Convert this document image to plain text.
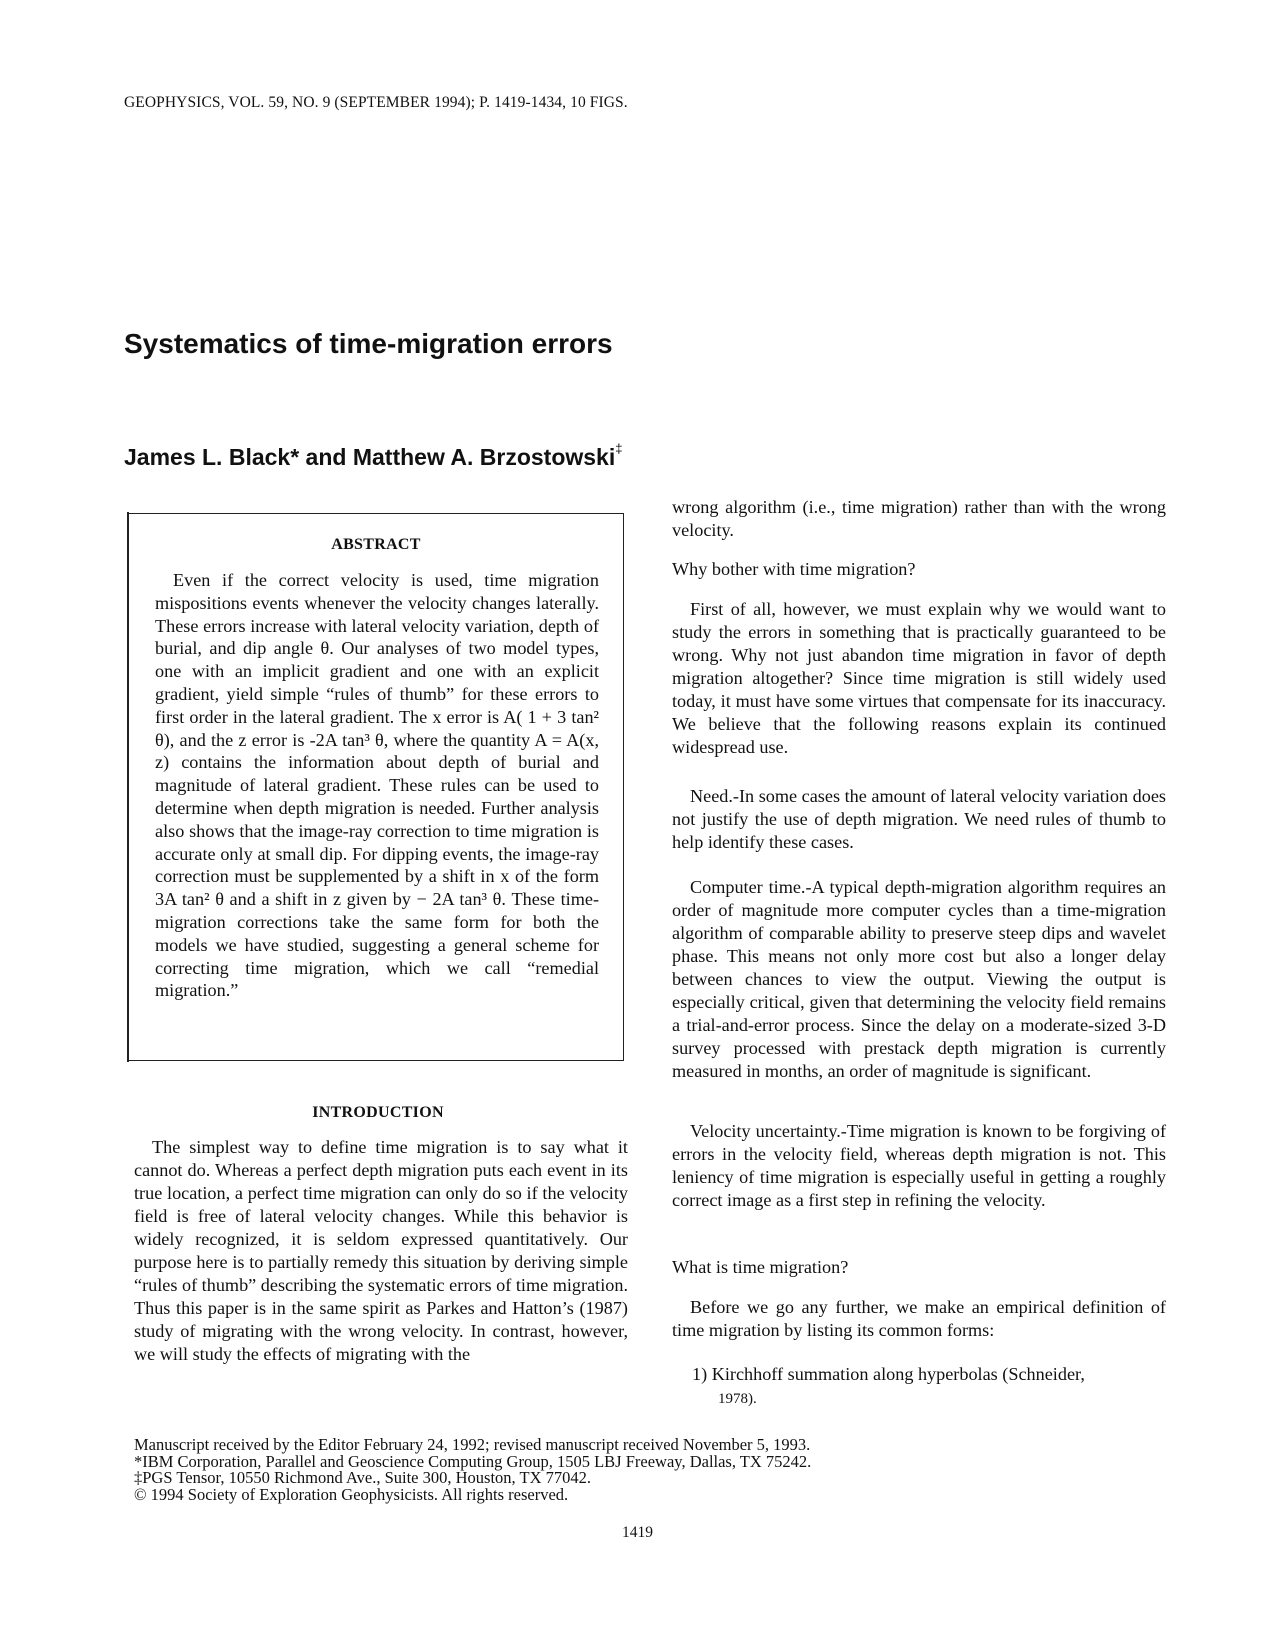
GEOPHYSICS, VOL. 59, NO. 9 (SEPTEMBER 1994); P. 1419-1434, 10 FIGS.
Systematics of time-migration errors
James L. Black* and Matthew A. Brzostowski‡
ABSTRACT

Even if the correct velocity is used, time migration mispositions events whenever the velocity changes laterally. These errors increase with lateral velocity variation, depth of burial, and dip angle θ. Our analyses of two model types, one with an implicit gradient and one with an explicit gradient, yield simple “rules of thumb” for these errors to first order in the lateral gradient. The x error is A( 1 + 3 tan² θ), and the z error is -2A tan³ θ, where the quantity A = A(x, z) contains the information about depth of burial and magnitude of lateral gradient. These rules can be used to determine when depth migration is needed. Further analysis also shows that the image-ray correction to time migration is accurate only at small dip. For dipping events, the image-ray correction must be supplemented by a shift in x of the form 3A tan² θ and a shift in z given by − 2A tan³ θ. These time-migration corrections take the same form for both the models we have studied, suggesting a general scheme for correcting time migration, which we call “remedial migration.”

INTRODUCTION

The simplest way to define time migration is to say what it cannot do. Whereas a perfect depth migration puts each event in its true location, a perfect time migration can only do so if the velocity field is free of lateral velocity changes. While this behavior is widely recognized, it is seldom expressed quantitatively. Our purpose here is to partially remedy this situation by deriving simple “rules of thumb” describing the systematic errors of time migration. Thus this paper is in the same spirit as Parkes and Hatton’s (1987) study of migrating with the wrong velocity. In contrast, however, we will study the effects of migrating with the

wrong algorithm (i.e., time migration) rather than with the wrong velocity.

Why bother with time migration?

First of all, however, we must explain why we would want to study the errors in something that is practically guaranteed to be wrong. Why not just abandon time migration in favor of depth migration altogether? Since time migration is still widely used today, it must have some virtues that compensate for its inaccuracy. We believe that the following reasons explain its continued widespread use.

Need.-In some cases the amount of lateral velocity variation does not justify the use of depth migration. We need rules of thumb to help identify these cases.

Computer time.-A typical depth-migration algorithm requires an order of magnitude more computer cycles than a time-migration algorithm of comparable ability to preserve steep dips and wavelet phase. This means not only more cost but also a longer delay between chances to view the output. Viewing the output is especially critical, given that determining the velocity field remains a trial-and-error process. Since the delay on a moderate-sized 3-D survey processed with prestack depth migration is currently measured in months, an order of magnitude is significant.

Velocity uncertainty.-Time migration is known to be forgiving of errors in the velocity field, whereas depth migration is not. This leniency of time migration is especially useful in getting a roughly correct image as a first step in refining the velocity.

What is time migration?

Before we go any further, we make an empirical definition of time migration by listing its common forms:

1) Kirchhoff summation along hyperbolas (Schneider,

1978).

Manuscript received by the Editor February 24, 1992; revised manuscript received November 5, 1993.
*IBM Corporation, Parallel and Geoscience Computing Group, 1505 LBJ Freeway, Dallas, TX 75242.
‡PGS Tensor, 10550 Richmond Ave., Suite 300, Houston, TX 77042.
© 1994 Society of Exploration Geophysicists. All rights reserved.
1419
